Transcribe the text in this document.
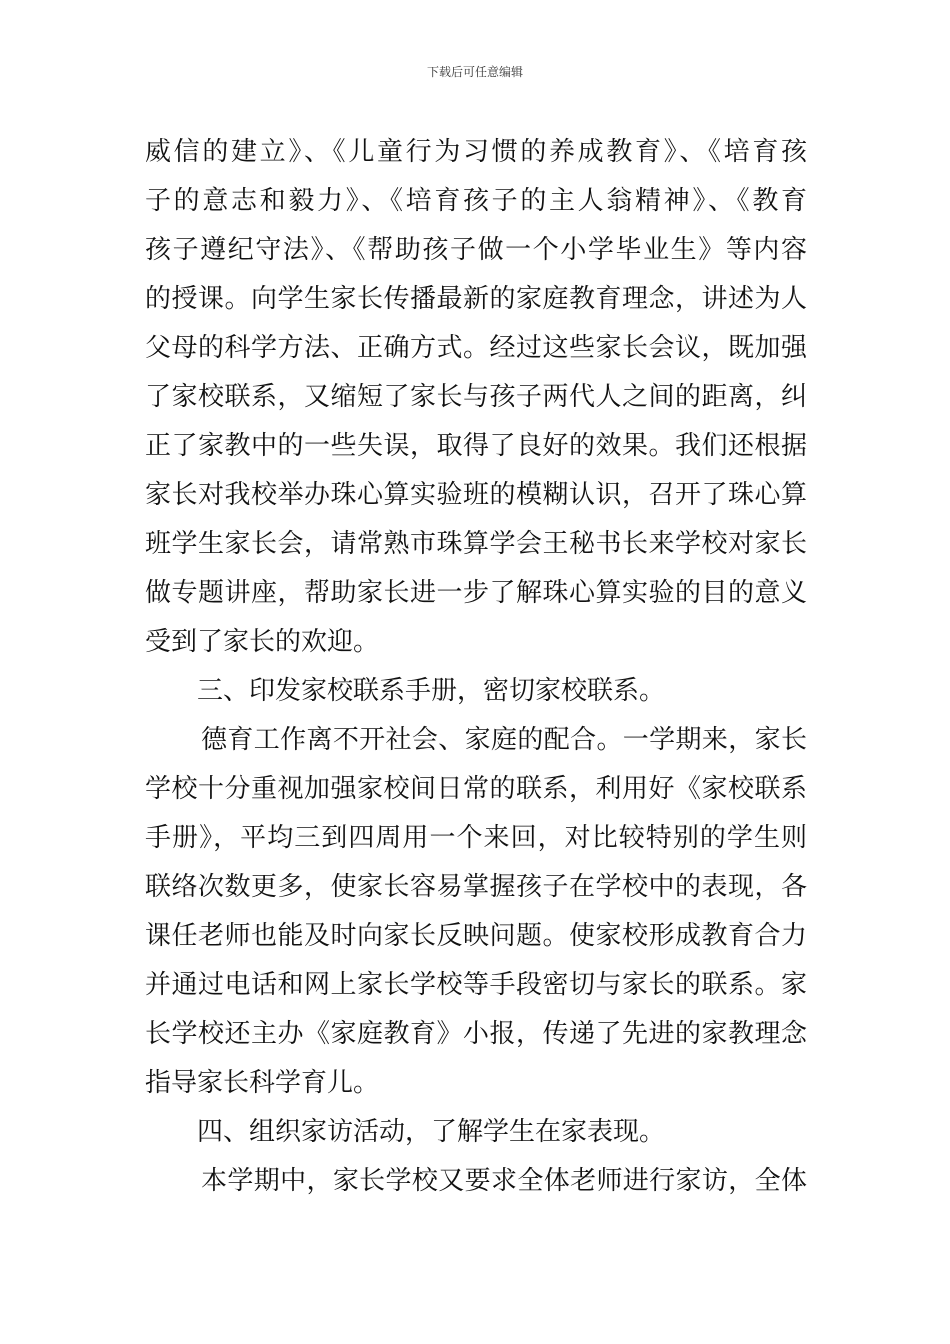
下载后可任意编辑
威信的建立》、《儿童行为习惯的养成教育》、《培育孩
子的意志和毅力》、《培育孩子的主人翁精神》、《教育
孩子遵纪守法》、《帮助孩子做一个小学毕业生》等内容
的授课。向学生家长传播最新的家庭教育理念，讲述为人
父母的科学方法、正确方式。经过这些家长会议，既加强
了家校联系，又缩短了家长与孩子两代人之间的距离，纠
正了家教中的一些失误，取得了良好的效果。我们还根据
家长对我校举办珠心算实验班的模糊认识，召开了珠心算
班学生家长会，请常熟市珠算学会王秘书长来学校对家长
做专题讲座，帮助家长进一步了解珠心算实验的目的意义
受到了家长的欢迎。
三、印发家校联系手册，密切家校联系。
德育工作离不开社会、家庭的配合。一学期来，家长
学校十分重视加强家校间日常的联系，利用好《家校联系
手册》，平均三到四周用一个来回，对比较特别的学生则
联络次数更多，使家长容易掌握孩子在学校中的表现，各
课任老师也能及时向家长反映问题。使家校形成教育合力
并通过电话和网上家长学校等手段密切与家长的联系。家
长学校还主办《家庭教育》小报，传递了先进的家教理念
指导家长科学育儿。
四、组织家访活动，了解学生在家表现。
本学期中，家长学校又要求全体老师进行家访，全体
